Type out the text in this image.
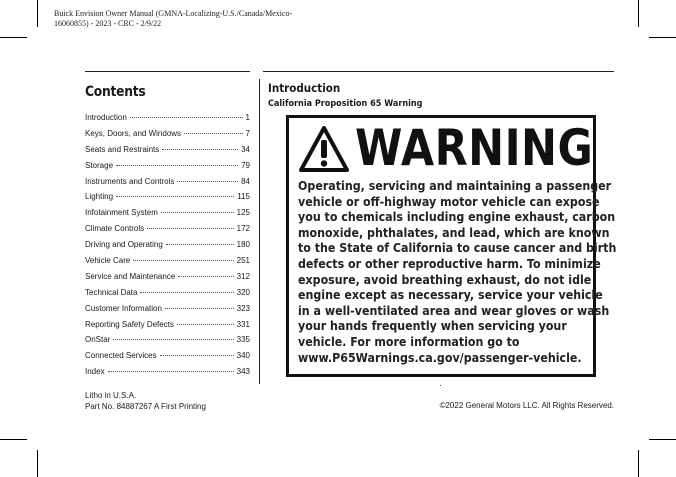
Buick Envision Owner Manual (GMNA-Localizing-U.S./Canada/Mexico-
16060855) - 2023 - CRC - 2/9/22
Contents
Introduction	1
Keys, Doors, and Windows	7
Seats and Restraints	34
Storage	79
Instruments and Controls	84
Lighting	115
Infotainment System	125
Climate Controls	172
Driving and Operating	180
Vehicle Care	251
Service and Maintenance	312
Technical Data	320
Customer Information	323
Reporting Safety Defects	331
OnStar	335
Connected Services	340
Index	343
Litho in U.S.A.
Part No. 84887267 A First Printing	©2022 General Motors LLC. All Rights Reserved.
Introduction
California Proposition 65 Warning
WARNING
Operating, servicing and maintaining a passenger
vehicle or off-highway motor vehicle can expose
you to chemicals including engine exhaust, carbon
monoxide, phthalates, and lead, which are known
to the State of California to cause cancer and birth
defects or other reproductive harm. To minimize
exposure, avoid breathing exhaust, do not idle
engine except as necessary, service your vehicle
in a well-ventilated area and wear gloves or wash
your hands frequently when servicing your
vehicle. For more information go to
www.P65Warnings.ca.gov/passenger-vehicle.
